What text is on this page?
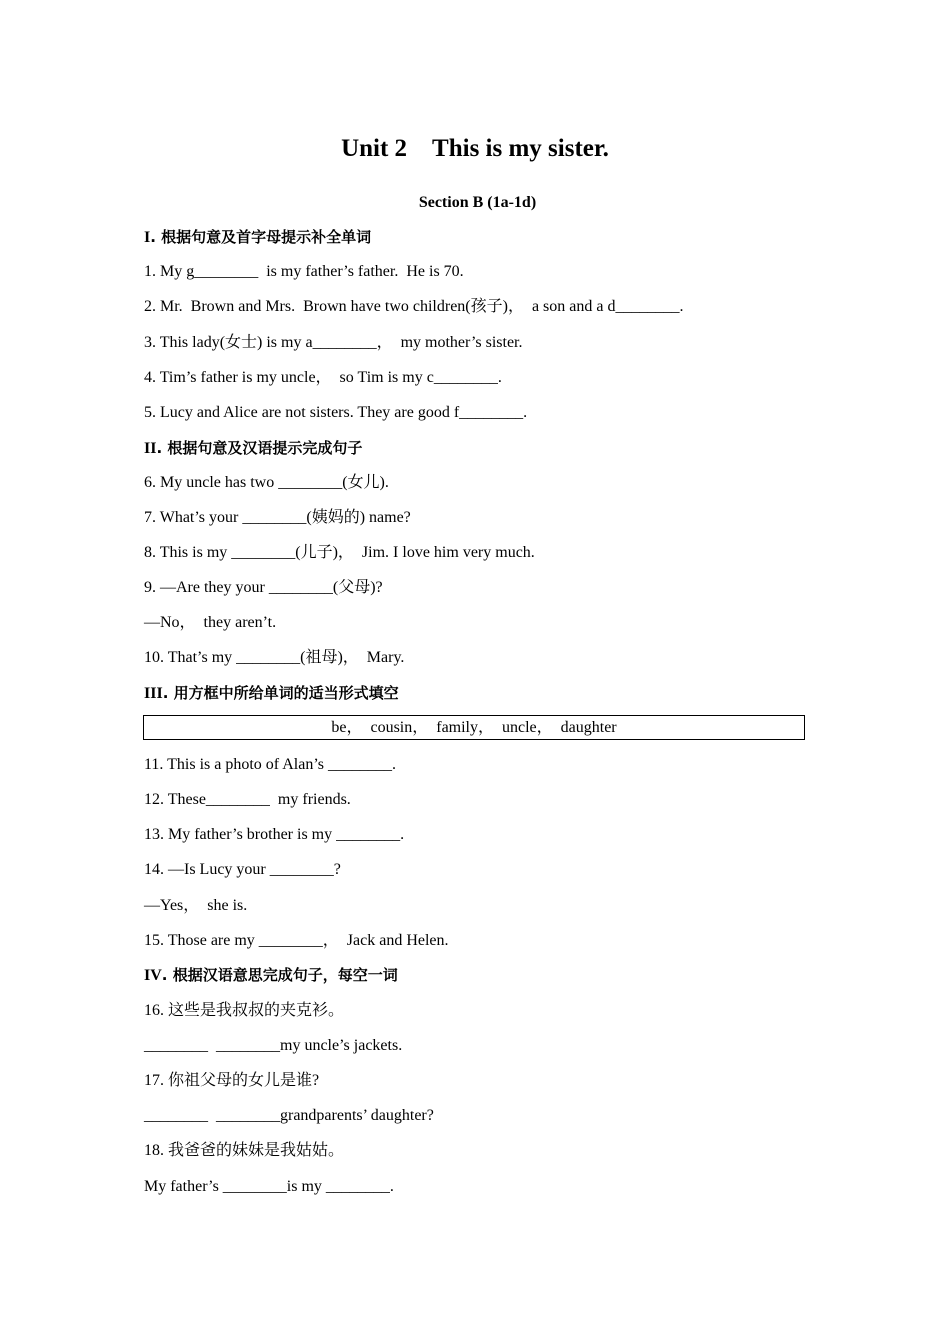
Unit 2　This is my sister.
Section B (1a-1d)
I. 根据句意及首字母提示补全单词
1. My g________  is my father’s father.  He is 70.
2. Mr.  Brown and Mrs.  Brown have two children(孩子)，  a son and a d________.
3. This lady(女士) is my a________，  my mother’s sister.
4. Tim’s father is my uncle，  so Tim is my c________.
5. Lucy and Alice are not sisters. They are good f________.
II. 根据句意及汉语提示完成句子
6. My uncle has two ________(女儿).
7. What’s your ________(姨妈的) name?
8. This is my ________(儿子)，  Jim. I love him very much.
9. —Are they your ________(父母)?
—No，  they aren’t.
10. That’s my ________(祖母)，  Mary.
III. 用方框中所给单词的适当形式填空
be，  cousin，  family，  uncle，  daughter
11. This is a photo of Alan’s ________.
12. These________  my friends.
13. My father’s brother is my ________.
14. —Is Lucy your ________?
—Yes，  she is.
15. Those are my ________，  Jack and Helen.
IV. 根据汉语意思完成句子，每空一词
16. 这些是我叔叔的夹克衫。
________  ________my uncle’s jackets.
17. 你祖父母的女儿是谁?
________  ________grandparents’ daughter?
18. 我爸爸的妹妹是我姑姑。
My father’s ________is my ________.
